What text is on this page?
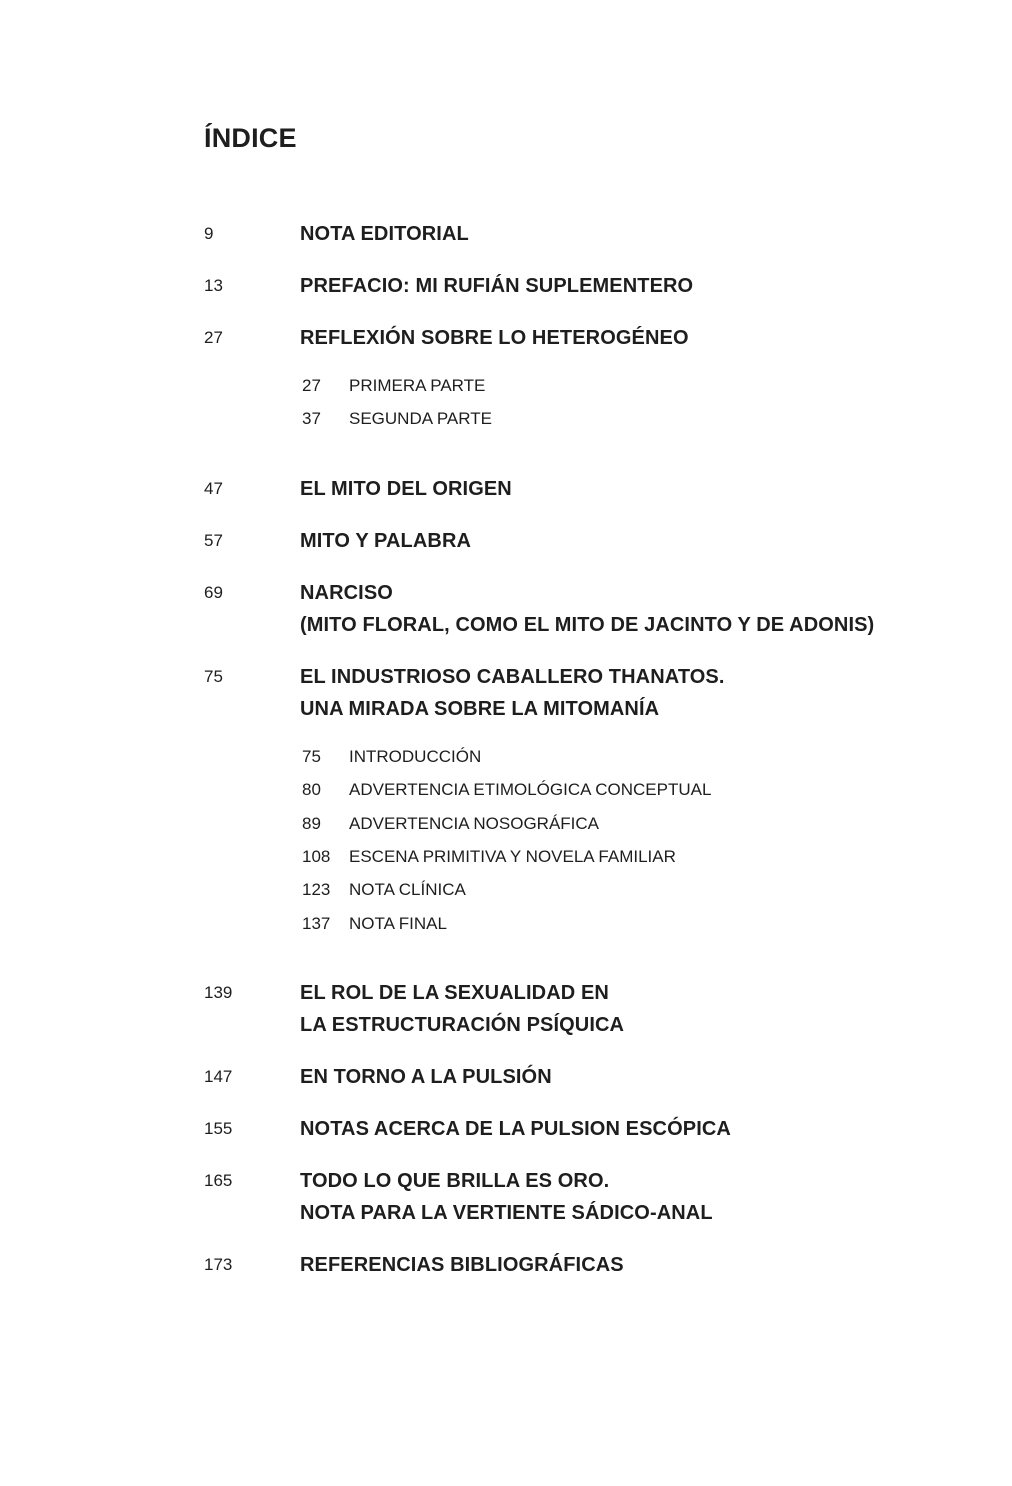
ÍNDICE
9	NOTA EDITORIAL
13	PREFACIO: MI RUFIÁN SUPLEMENTERO
27	REFLEXIÓN SOBRE LO HETEROGÉNEO
27 PRIMERA PARTE
37 SEGUNDA PARTE
47	EL MITO DEL ORIGEN
57	MITO Y PALABRA
69	NARCISO
(MITO FLORAL, COMO EL MITO DE JACINTO Y DE ADONIS)
75	EL INDUSTRIOSO CABALLERO THANATOS.
UNA MIRADA SOBRE LA MITOMANÍA
75 INTRODUCCIÓN
80 ADVERTENCIA ETIMOLÓGICA CONCEPTUAL
89 ADVERTENCIA NOSOGRÁFICA
108 ESCENA PRIMITIVA Y NOVELA FAMILIAR
123 NOTA CLÍNICA
137 NOTA FINAL
139	EL ROL DE LA SEXUALIDAD EN
LA ESTRUCTURACIÓN PSÍQUICA
147	EN TORNO A LA PULSIÓN
155	NOTAS ACERCA DE LA PULSION ESCÓPICA
165	TODO LO QUE BRILLA ES ORO.
NOTA PARA LA VERTIENTE SÁDICO-ANAL
173	REFERENCIAS BIBLIOGRÁFICAS
